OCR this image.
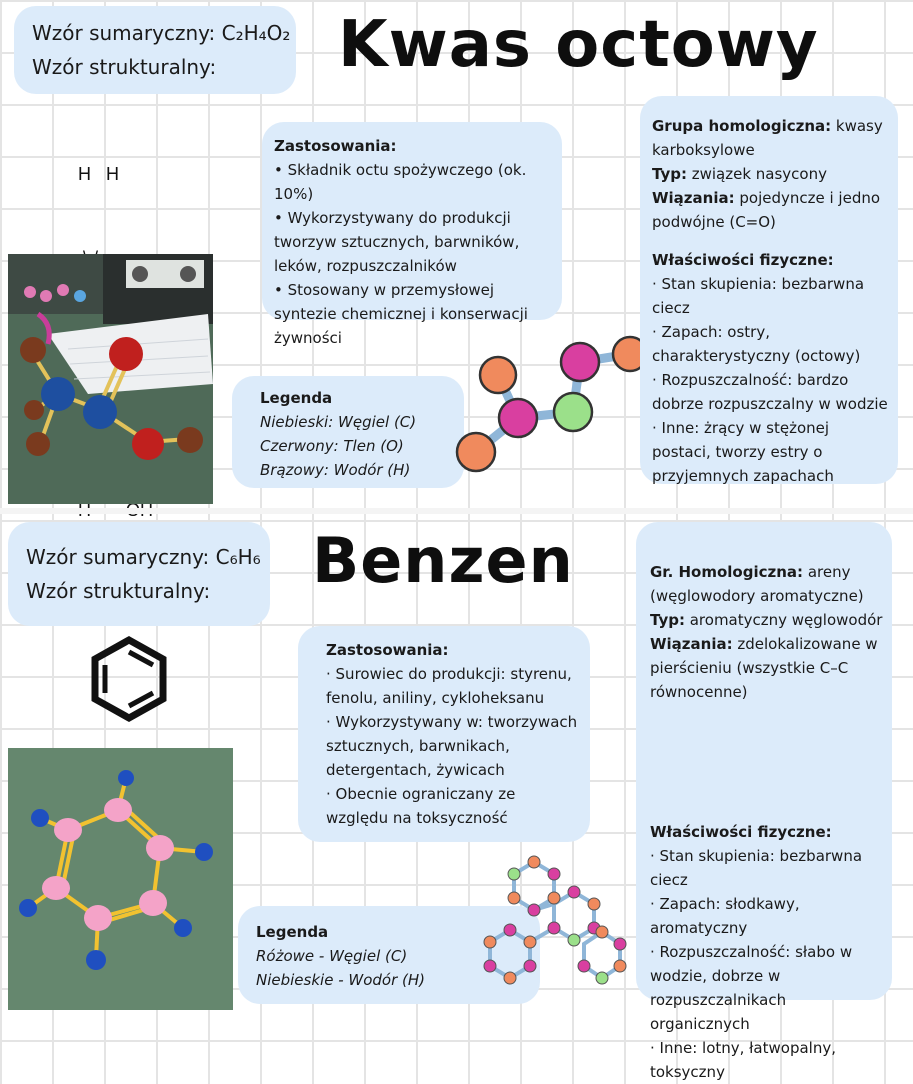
Wzór sumaryczny: C₂H₄O₂
Wzór strukturalny:	Kwas octowy

H   H

Zastosowania:
• Składnik octu spożywczego (ok. 10%)
• Wykorzystywany do produkcji tworzyw sztucznych, barwników, leków, rozpuszczalników
• Stosowany w przemysłowej syntezie chemicznej i konserwacji żywności
Legenda
Niebieski: Węgiel (C)
Czerwony: Tlen (O)
Brązowy: Wodór (H)

Grupa homologiczna: kwasy karboksylowe

Typ: związek nasycony

Wiązania: pojedyncze i jedno podwójne (C=O)

Właściwości fizyczne:

· Stan skupienia: bezbarwna ciecz

· Zapach: ostry, charakterystyczny (octowy)

· Rozpuszczalność: bardzo dobrze rozpuszczalny w wodzie

· Inne: żrący w stężonej postaci, tworzy estry o przyjemnych zapachach

Wzór sumaryczny: C₆H₆
Wzór strukturalny:	Benzen
Zastosowania:
· Surowiec do produkcji: styrenu, fenolu, aniliny, cykloheksanu
· Wykorzystywany w: tworzywach sztucznych, barwnikach, detergentach, żywicach
· Obecnie ograniczany ze względu na toksyczność
Legenda
Różowe - Węgiel (C)
Niebieskie - Wodór (H)

Gr. Homologiczna: areny (węglowodory aromatyczne)

Typ: aromatyczny węglowodór

Wiązania: zdelokalizowane w pierścieniu (wszystkie C–C równocenne)

Właściwości fizyczne:

· Stan skupienia: bezbarwna ciecz

· Zapach: słodkawy, aromatyczny

· Rozpuszczalność: słabo w wodzie, dobrze w rozpuszczalnikach organicznych

· Inne: lotny, łatwopalny, toksyczny
